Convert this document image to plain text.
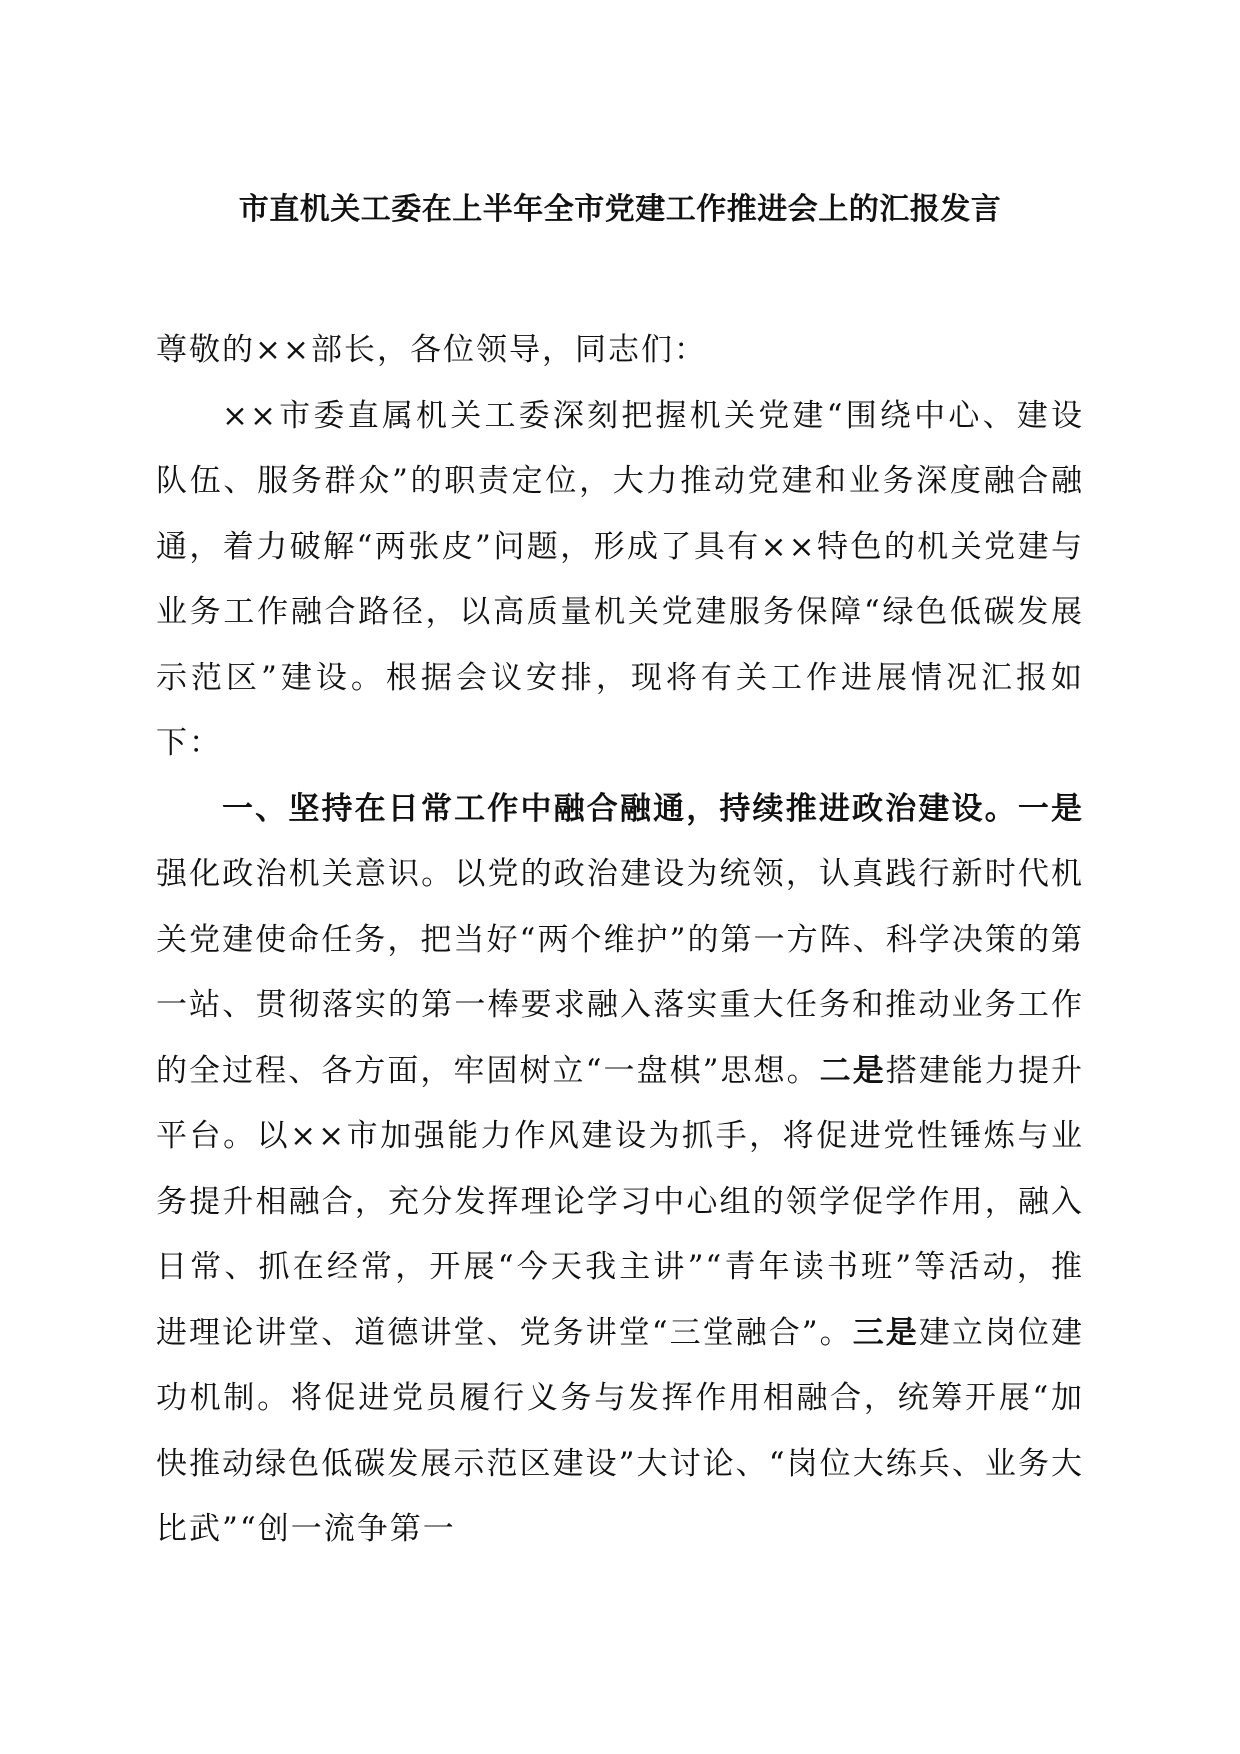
市直机关工委在上半年全市党建工作推进会上的汇报发言

尊敬的××部长，各位领导，同志们：

××市委直属机关工委深刻把握机关党建“围绕中心、建设队伍、服务群众”的职责定位，大力推动党建和业务深度融合融通，着力破解“两张皮”问题，形成了具有××特色的机关党建与业务工作融合路径，以高质量机关党建服务保障“绿色低碳发展示范区”建设。根据会议安排，现将有关工作进展情况汇报如下：

一、坚持在日常工作中融合融通，持续推进政治建设。一是强化政治机关意识。以党的政治建设为统领，认真践行新时代机关党建使命任务，把当好“两个维护”的第一方阵、科学决策的第一站、贯彻落实的第一棒要求融入落实重大任务和推动业务工作的全过程、各方面，牢固树立“一盘棋”思想。二是搭建能力提升平台。以××市加强能力作风建设为抓手，将促进党性锤炼与业务提升相融合，充分发挥理论学习中心组的领学促学作用，融入日常、抓在经常，开展“今天我主讲”“青年读书班”等活动，推进理论讲堂、道德讲堂、党务讲堂“三堂融合”。三是建立岗位建功机制。将促进党员履行义务与发挥作用相融合，统筹开展“加快推动绿色低碳发展示范区建设”大讨论、“岗位大练兵、业务大比武”“创一流争第一
